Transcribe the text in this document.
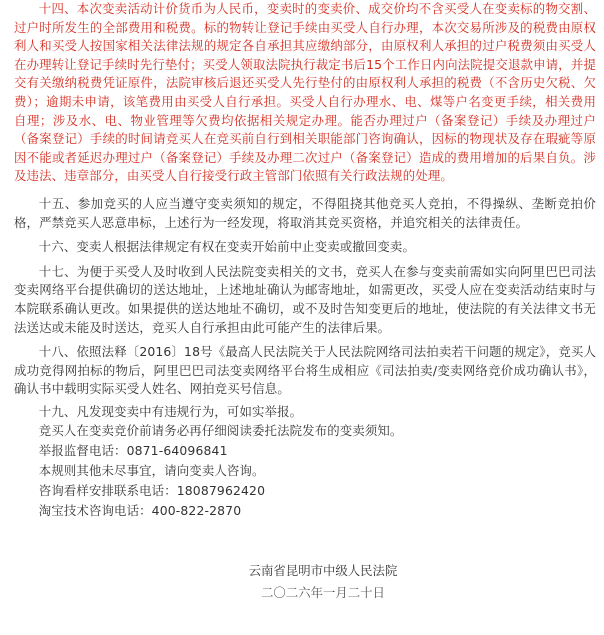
十四、本次变卖活动计价货币为人民币，变卖时的变卖价、成交价均不含买受人在变卖标的物交割、过户时所发生的全部费用和税费。标的物转让登记手续由买受人自行办理，本次交易所涉及的税费由原权利人和买受人按国家相关法律法规的规定各自承担其应缴纳部分，由原权利人承担的过户税费须由买受人在办理转让登记手续时先行垫付；买受人领取法院执行裁定书后15个工作日内向法院提交退款申请，并提交有关缴纳税费凭证原件，法院审核后退还买受人先行垫付的由原权利人承担的税费（不含历史欠税、欠费）；逾期未申请，该笔费用由买受人自行承担。买受人自行办理水、电、煤等户名变更手续，相关费用自理；涉及水、电、物业管理等欠费均依据相关规定办理。能否办理过户（备案登记）手续及办理过户（备案登记）手续的时间请竞买人在竞买前自行到相关职能部门咨询确认，因标的物现状及存在瑕疵等原因不能或者延迟办理过户（备案登记）手续及办理二次过户（备案登记）造成的费用增加的后果自负。涉及违法、违章部分，由买受人自行接受行政主管部门依照有关行政法规的处理。

十五、参加竞买的人应当遵守变卖须知的规定，不得阻挠其他竞买人竞拍，不得操纵、垄断竞拍价格，严禁竞买人恶意串标，上述行为一经发现，将取消其竞买资格，并追究相关的法律责任。

十六、变卖人根据法律规定有权在变卖开始前中止变卖或撤回变卖。

十七、为便于买受人及时收到人民法院变卖相关的文书，竞买人在参与变卖前需如实向阿里巴巴司法变卖网络平台提供确切的送达地址，上述地址确认为邮寄地址，如需更改，买受人应在变卖活动结束时与本院联系确认更改。如果提供的送达地址不确切，或不及时告知变更后的地址，使法院的有关法律文书无法送达或未能及时送达，竞买人自行承担由此可能产生的法律后果。

十八、依照法释〔2016〕18号《最高人民法院关于人民法院网络司法拍卖若干问题的规定》，竞买人成功竞得网拍标的物后，阿里巴巴司法变卖网络平台将生成相应《司法拍卖/变卖网络竞价成功确认书》，确认书中载明实际买受人姓名、网拍竞买号信息。

十九、凡发现变卖中有违规行为，可如实举报。

竞买人在变卖竞价前请务必再仔细阅读委托法院发布的变卖须知。

举报监督电话：0871-64096841

本规则其他未尽事宜，请向变卖人咨询。

咨询看样安排联系电话：18087962420

淘宝技术咨询电话：400-822-2870

云南省昆明市中级人民法院
二〇二六年一月二十日
